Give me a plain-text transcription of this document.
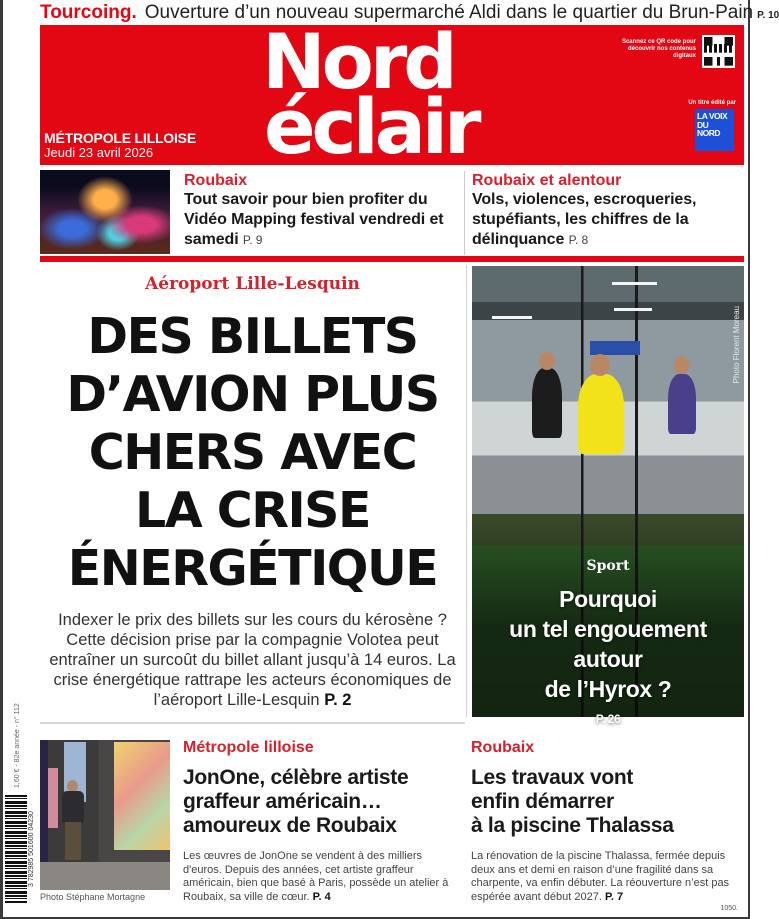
Tourcoing. Ouverture d’un nouveau supermarché Aldi dans le quartier du Brun-Pain P. 10
Nord
éclair
MÉTROPOLE LILLOISE
Jeudi 23 avril 2026
Scannez ce QR code pour découvrir nos contenus digitaux
Un titre édité par
LA VOIX DU NORD
Roubaix
Tout savoir pour bien profiter du Vidéo Mapping festival vendredi et samedi P. 9
Roubaix et alentour
Vols, violences, escroqueries, stupéfiants, les chiffres de la délinquance P. 8
Aéroport Lille-Lesquin
DES BILLETS
D’AVION PLUS
CHERS AVEC
LA CRISE
ÉNERGÉTIQUE
Indexer le prix des billets sur les cours du kérosène ? Cette décision prise par la compagnie Volotea peut entraîner un surcoût du billet allant jusqu’à 14 euros. La crise énergétique rattrape les acteurs économiques de l’aéroport Lille-Lesquin P. 2
Photo Florent Moreau
Sport
Pourquoi
un tel engouement
autour
de l’Hyrox ?
P. 26
Photo Stéphane Mortagne
1,60 € - 82e année - n° 112
3 782985 501600 04230
Métropole lilloise
JonOne, célèbre artiste
graffeur américain…
amoureux de Roubaix
Les œuvres de JonOne se vendent à des milliers d'euros. Depuis des années, cet artiste graffeur américain, bien que basé à Paris, possède un atelier à Roubaix, sa ville de cœur. P. 4
Roubaix
Les travaux vont
enfin démarrer
à la piscine Thalassa
La rénovation de la piscine Thalassa, fermée depuis deux ans et demi en raison d’une fragilité dans sa charpente, va enfin débuter. La réouverture n’est pas espérée avant début 2027. P. 7
1050.
